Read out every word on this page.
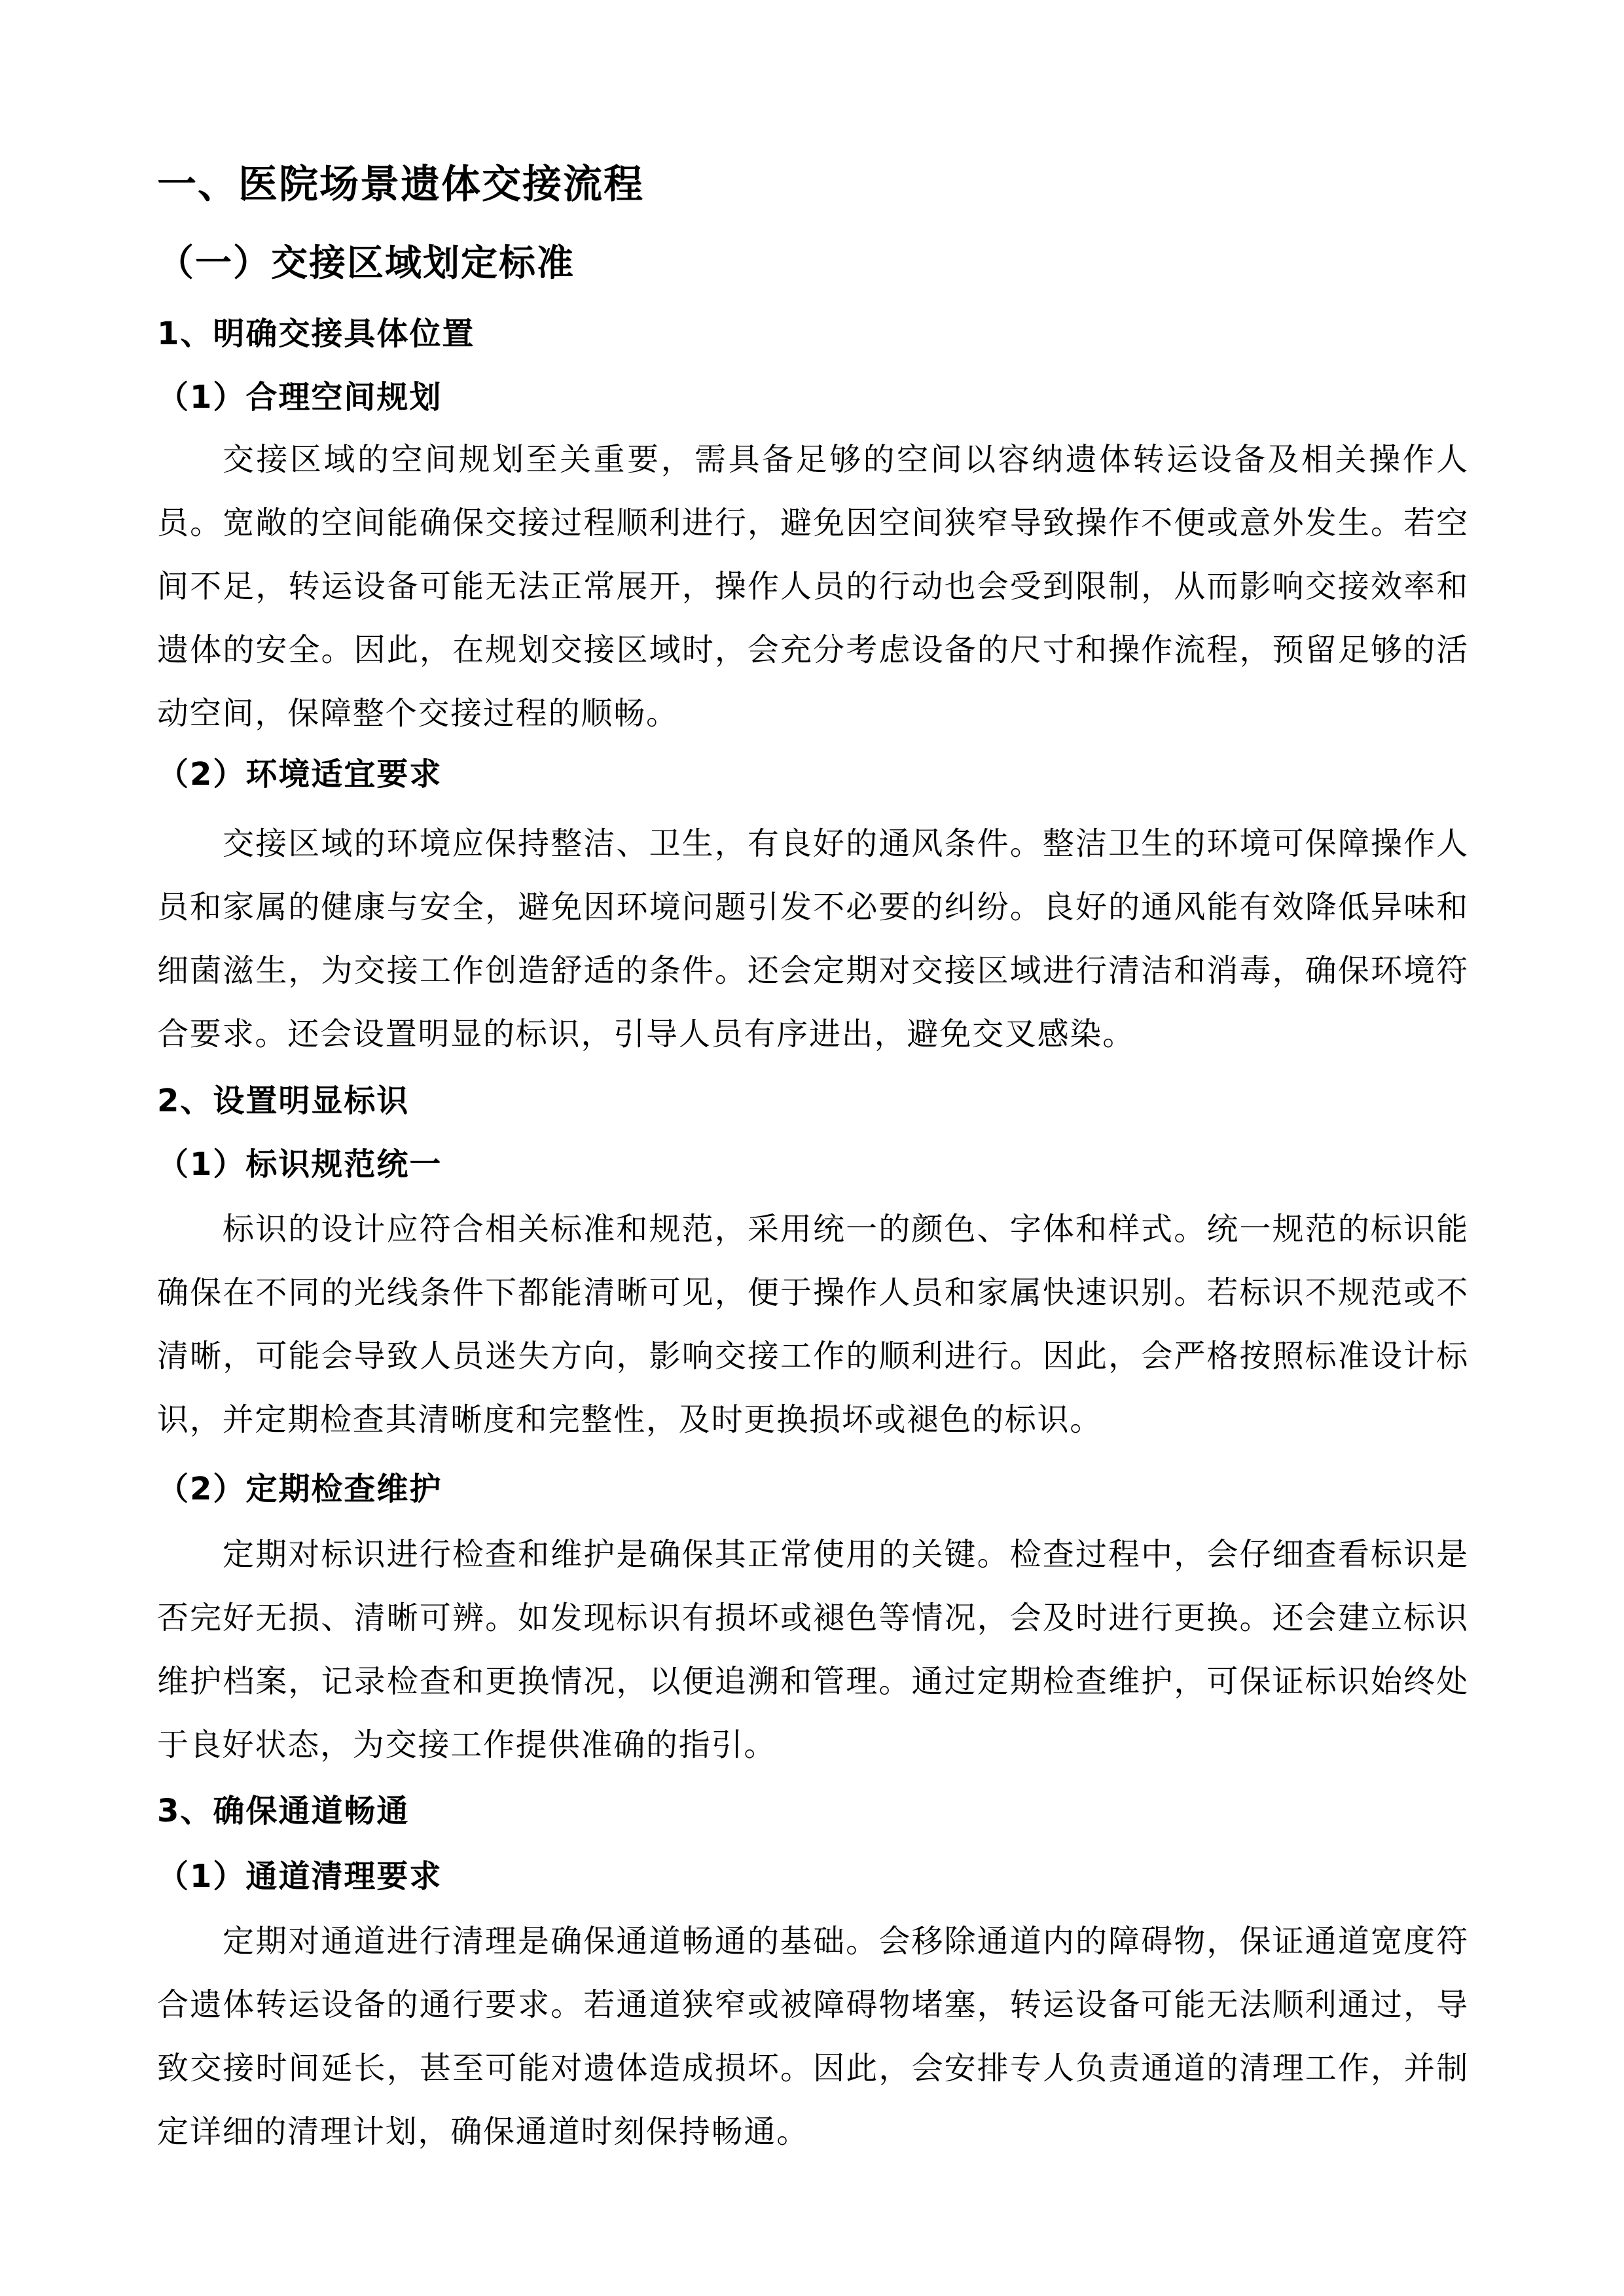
一、医院场景遗体交接流程
（一）交接区域划定标准
1、明确交接具体位置
（1）合理空间规划

交接区域的空间规划至关重要，需具备足够的空间以容纳遗体转运设备及相关操作人员。宽敞的空间能确保交接过程顺利进行，避免因空间狭窄导致操作不便或意外发生。若空间不足，转运设备可能无法正常展开，操作人员的行动也会受到限制，从而影响交接效率和遗体的安全。因此，在规划交接区域时，会充分考虑设备的尺寸和操作流程，预留足够的活动空间，保障整个交接过程的顺畅。

（2）环境适宜要求

交接区域的环境应保持整洁、卫生，有良好的通风条件。整洁卫生的环境可保障操作人员和家属的健康与安全，避免因环境问题引发不必要的纠纷。良好的通风能有效降低异味和细菌滋生，为交接工作创造舒适的条件。还会定期对交接区域进行清洁和消毒，确保环境符合要求。还会设置明显的标识，引导人员有序进出，避免交叉感染。

2、设置明显标识
（1）标识规范统一

标识的设计应符合相关标准和规范，采用统一的颜色、字体和样式。统一规范的标识能确保在不同的光线条件下都能清晰可见，便于操作人员和家属快速识别。若标识不规范或不清晰，可能会导致人员迷失方向，影响交接工作的顺利进行。因此，会严格按照标准设计标识，并定期检查其清晰度和完整性，及时更换损坏或褪色的标识。

（2）定期检查维护

定期对标识进行检查和维护是确保其正常使用的关键。检查过程中，会仔细查看标识是否完好无损、清晰可辨。如发现标识有损坏或褪色等情况，会及时进行更换。还会建立标识维护档案，记录检查和更换情况，以便追溯和管理。通过定期检查维护，可保证标识始终处于良好状态，为交接工作提供准确的指引。

3、确保通道畅通
（1）通道清理要求

定期对通道进行清理是确保通道畅通的基础。会移除通道内的障碍物，保证通道宽度符合遗体转运设备的通行要求。若通道狭窄或被障碍物堵塞，转运设备可能无法顺利通过，导致交接时间延长，甚至可能对遗体造成损坏。因此，会安排专人负责通道的清理工作，并制定详细的清理计划，确保通道时刻保持畅通。
